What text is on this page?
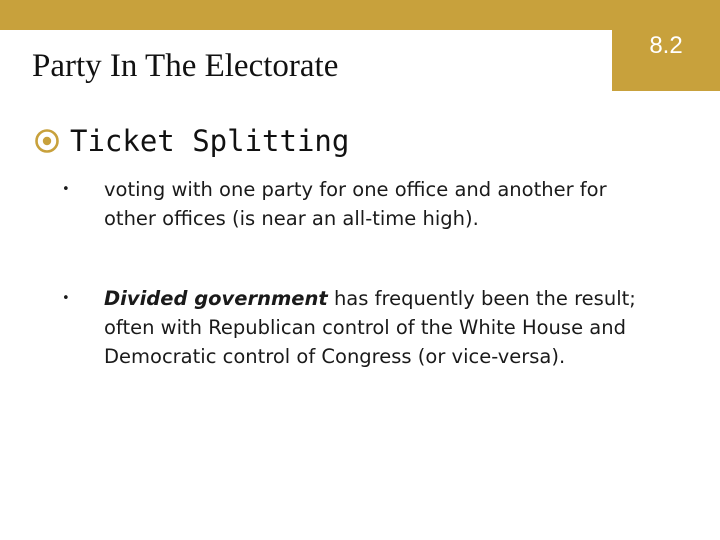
8.2
Party In The Electorate
Ticket Splitting
• voting with one party for one office and another for other offices (is near an all-time high).
• Divided government has frequently been the result; often with Republican control of the White House and Democratic control of Congress (or vice-versa).
